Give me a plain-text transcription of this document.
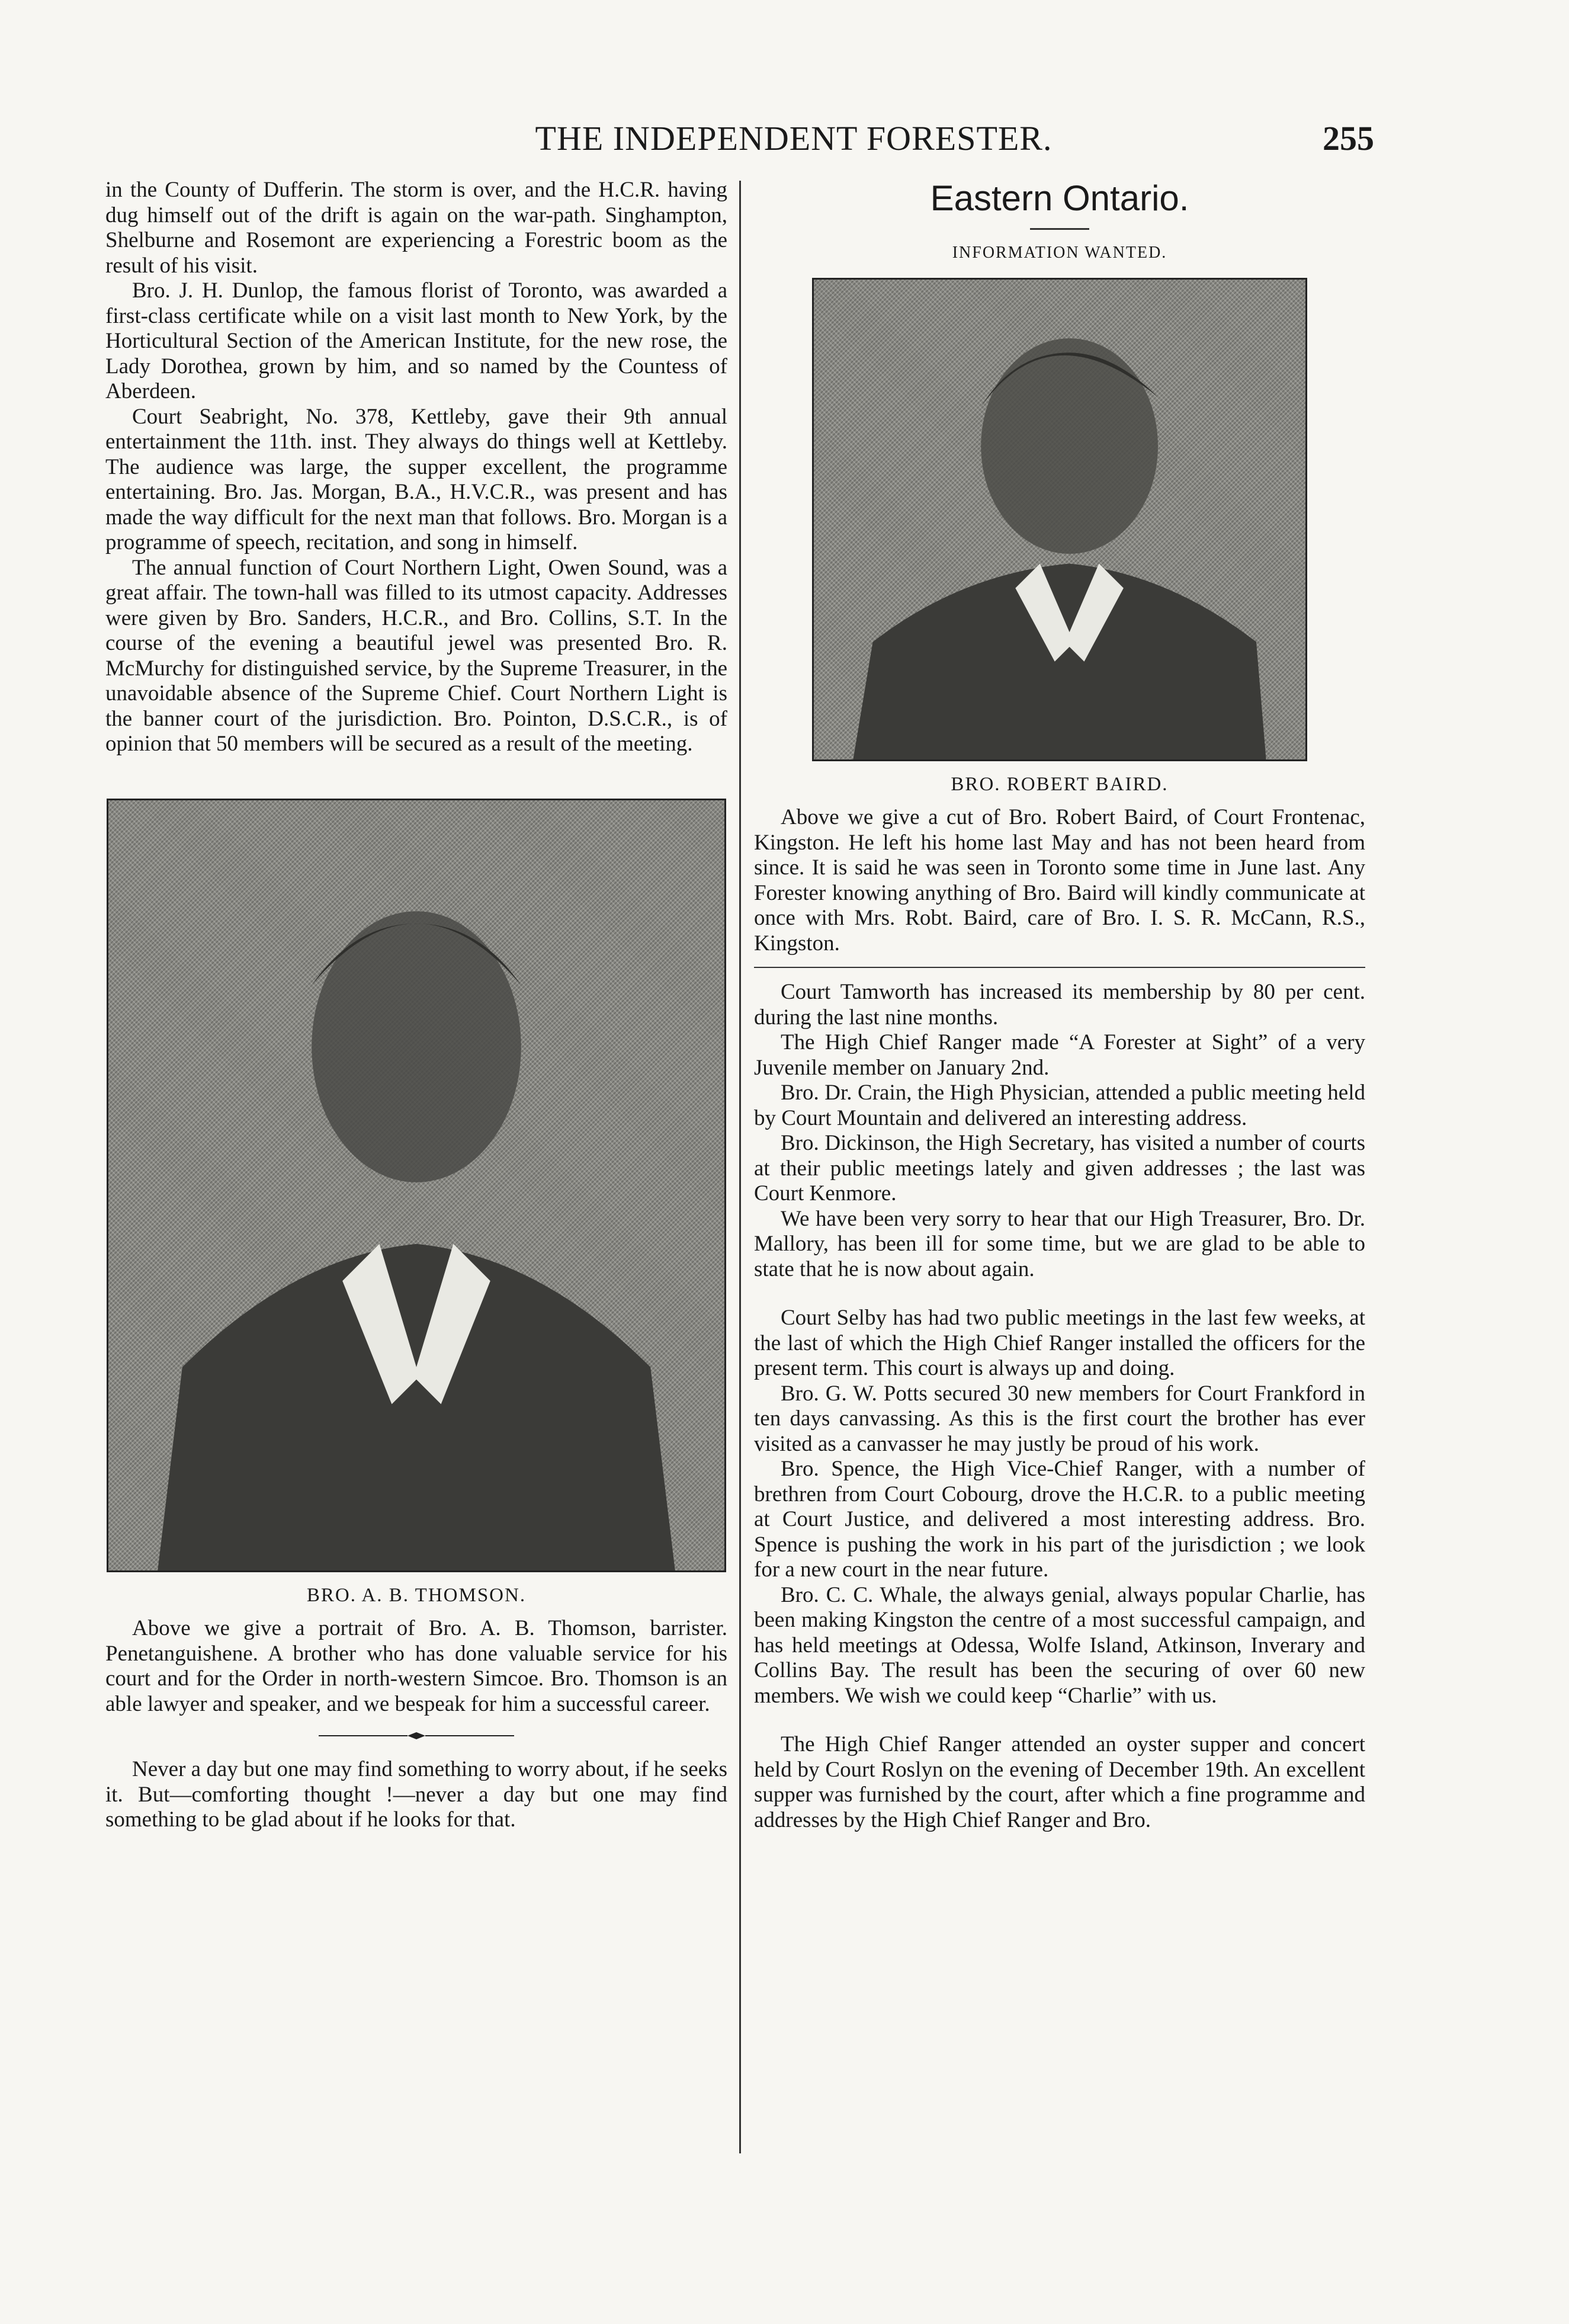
THE INDEPENDENT FORESTER.	255

in the County of Dufferin. The storm is over, and the H.C.R. having dug himself out of the drift is again on the war-path. Singhampton, Shelburne and Rosemont are experiencing a Forestric boom as the result of his visit.

Bro. J. H. Dunlop, the famous florist of Toronto, was awarded a first-class certificate while on a visit last month to New York, by the Horticultural Section of the American Institute, for the new rose, the Lady Dorothea, grown by him, and so named by the Countess of Aberdeen.

Court Seabright, No. 378, Kettleby, gave their 9th annual entertainment the 11th. inst. They always do things well at Kettleby. The audience was large, the supper excellent, the programme entertaining. Bro. Jas. Morgan, B.A., H.V.C.R., was present and has made the way difficult for the next man that follows. Bro. Morgan is a programme of speech, recitation, and song in himself.

The annual function of Court Northern Light, Owen Sound, was a great affair. The town-hall was filled to its utmost capacity. Addresses were given by Bro. Sanders, H.C.R., and Bro. Collins, S.T. In the course of the evening a beautiful jewel was presented Bro. R. McMurchy for distinguished service, by the Supreme Treasurer, in the unavoidable absence of the Supreme Chief. Court Northern Light is the banner court of the jurisdiction. Bro. Pointon, D.S.C.R., is of opinion that 50 members will be secured as a result of the meeting.

BRO. A. B. THOMSON.

Above we give a portrait of Bro. A. B. Thomson, barrister. Penetanguishene. A brother who has done valuable service for his court and for the Order in north-western Simcoe. Bro. Thomson is an able lawyer and speaker, and we bespeak for him a successful career.

Never a day but one may find something to worry about, if he seeks it. But—comforting thought !—never a day but one may find something to be glad about if he looks for that.

Eastern Ontario.
INFORMATION WANTED.
BRO. ROBERT BAIRD.

Above we give a cut of Bro. Robert Baird, of Court Frontenac, Kingston. He left his home last May and has not been heard from since. It is said he was seen in Toronto some time in June last. Any Forester knowing anything of Bro. Baird will kindly communicate at once with Mrs. Robt. Baird, care of Bro. I. S. R. McCann, R.S., Kingston.

Court Tamworth has increased its membership by 80 per cent. during the last nine months.

The High Chief Ranger made “A Forester at Sight” of a very Juvenile member on January 2nd.

Bro. Dr. Crain, the High Physician, attended a public meeting held by Court Mountain and delivered an interesting address.

Bro. Dickinson, the High Secretary, has visited a number of courts at their public meetings lately and given addresses ; the last was Court Kenmore.

We have been very sorry to hear that our High Treasurer, Bro. Dr. Mallory, has been ill for some time, but we are glad to be able to state that he is now about again.

Court Selby has had two public meetings in the last few weeks, at the last of which the High Chief Ranger installed the officers for the present term. This court is always up and doing.

Bro. G. W. Potts secured 30 new members for Court Frankford in ten days canvassing. As this is the first court the brother has ever visited as a canvasser he may justly be proud of his work.

Bro. Spence, the High Vice-Chief Ranger, with a number of brethren from Court Cobourg, drove the H.C.R. to a public meeting at Court Justice, and delivered a most interesting address. Bro. Spence is pushing the work in his part of the jurisdiction ; we look for a new court in the near future.

Bro. C. C. Whale, the always genial, always popular Charlie, has been making Kingston the centre of a most successful campaign, and has held meetings at Odessa, Wolfe Island, Atkinson, Inverary and Collins Bay. The result has been the securing of over 60 new members. We wish we could keep “Charlie” with us.

The High Chief Ranger attended an oyster supper and concert held by Court Roslyn on the evening of December 19th. An excellent supper was furnished by the court, after which a fine programme and addresses by the High Chief Ranger and Bro.
